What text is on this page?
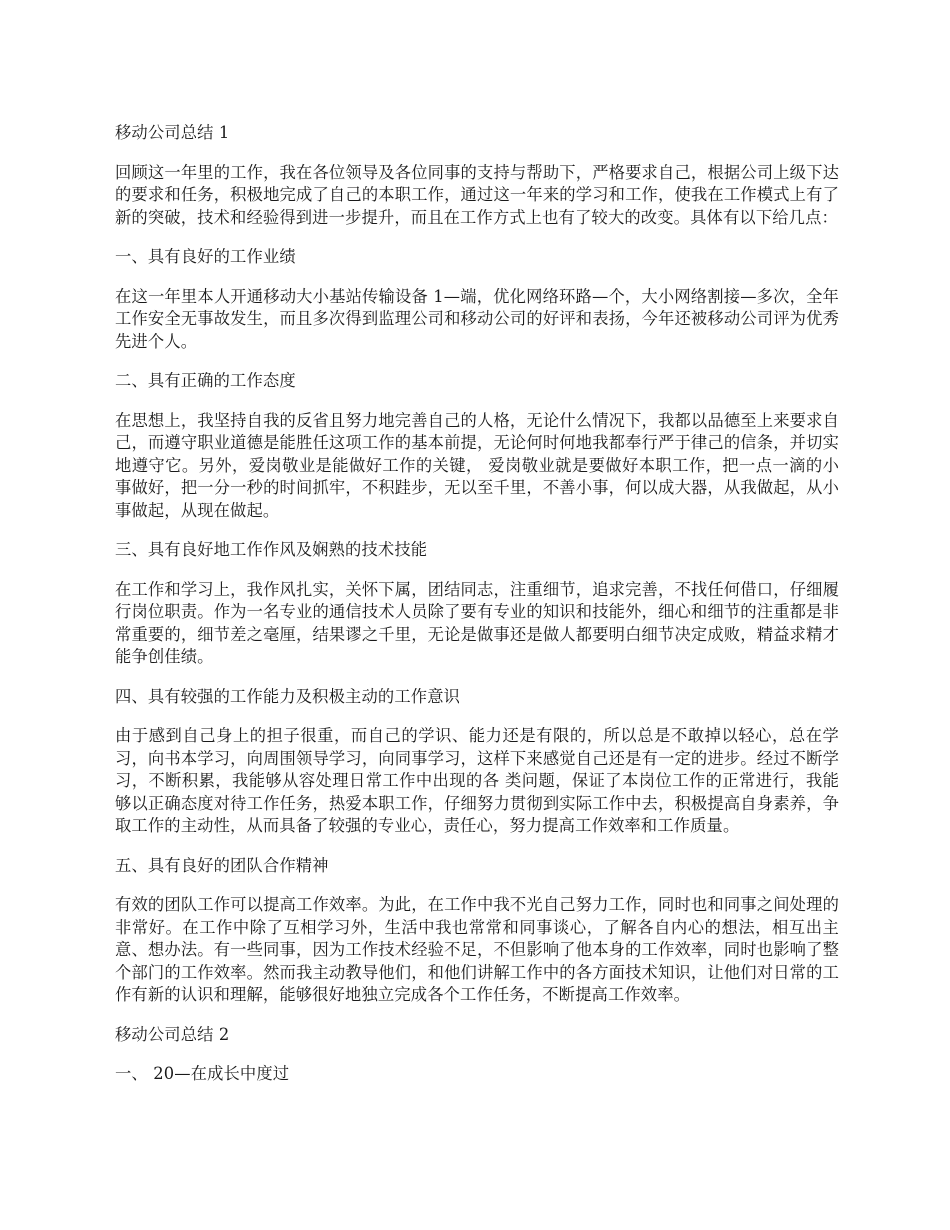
移动公司总结 1

回顾这一年里的工作，我在各位领导及各位同事的支持与帮助下，严格要求自己，根据公司上级下达的要求和任务，积极地完成了自己的本职工作，通过这一年来的学习和工作，使我在工作模式上有了新的突破，技术和经验得到进一步提升，而且在工作方式上也有了较大的改变。具体有以下给几点：

一、具有良好的工作业绩

在这一年里本人开通移动大小基站传输设备 1—端，优化网络环路—个，大小网络割接—多次，全年工作安全无事故发生，而且多次得到监理公司和移动公司的好评和表扬，今年还被移动公司评为优秀先进个人。

二、具有正确的工作态度

在思想上，我坚持自我的反省且努力地完善自己的人格，无论什么情况下，我都以品德至上来要求自己，而遵守职业道德是能胜任这项工作的基本前提，无论何时何地我都奉行严于律己的信条，并切实地遵守它。另外，爱岗敬业是能做好工作的关键， 爱岗敬业就是要做好本职工作，把一点一滴的小事做好，把一分一秒的时间抓牢，不积跬步，无以至千里，不善小事，何以成大器，从我做起，从小事做起，从现在做起。

三、具有良好地工作作风及娴熟的技术技能

在工作和学习上，我作风扎实，关怀下属，团结同志，注重细节，追求完善，不找任何借口，仔细履行岗位职责。作为一名专业的通信技术人员除了要有专业的知识和技能外，细心和细节的注重都是非常重要的，细节差之毫厘，结果谬之千里，无论是做事还是做人都要明白细节决定成败，精益求精才能争创佳绩。

四、具有较强的工作能力及积极主动的工作意识

由于感到自己身上的担子很重，而自己的学识、能力还是有限的，所以总是不敢掉以轻心，总在学习，向书本学习，向周围领导学习，向同事学习，这样下来感觉自己还是有一定的进步。经过不断学习，不断积累，我能够从容处理日常工作中出现的各 类问题，保证了本岗位工作的正常进行，我能够以正确态度对待工作任务，热爱本职工作，仔细努力贯彻到实际工作中去，积极提高自身素养，争取工作的主动性，从而具备了较强的专业心，责任心，努力提高工作效率和工作质量。

五、具有良好的团队合作精神

有效的团队工作可以提高工作效率。为此，在工作中我不光自己努力工作，同时也和同事之间处理的非常好。在工作中除了互相学习外，生活中我也常常和同事谈心，了解各自内心的想法，相互出主意、想办法。有一些同事，因为工作技术经验不足，不但影响了他本身的工作效率，同时也影响了整个部门的工作效率。然而我主动教导他们，和他们讲解工作中的各方面技术知识，让他们对日常的工作有新的认识和理解，能够很好地独立完成各个工作任务，不断提高工作效率。

移动公司总结 2

一、 20—在成长中度过
